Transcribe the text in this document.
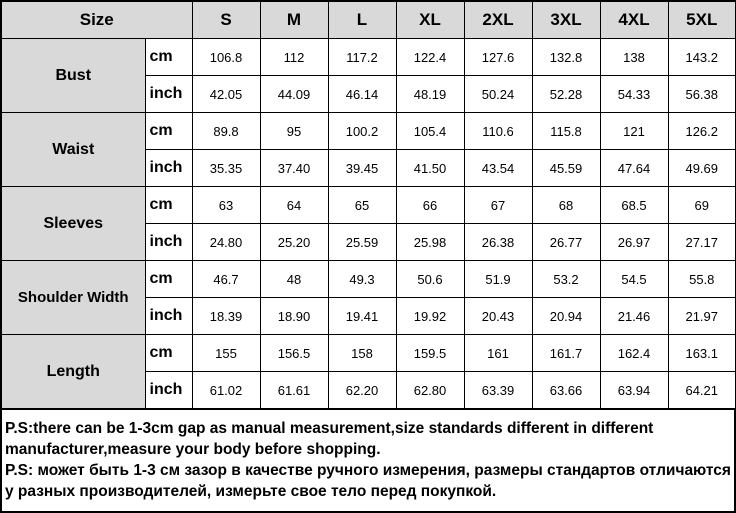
Size		S	M	L	XL	2XL	3XL	4XL	5XL
Bust	cm	106.8	112	117.2	122.4	127.6	132.8	138	143.2
	inch	42.05	44.09	46.14	48.19	50.24	52.28	54.33	56.38
Waist	cm	89.8	95	100.2	105.4	110.6	115.8	121	126.2
	inch	35.35	37.40	39.45	41.50	43.54	45.59	47.64	49.69
Sleeves	cm	63	64	65	66	67	68	68.5	69
	inch	24.80	25.20	25.59	25.98	26.38	26.77	26.97	27.17
Shoulder Width	cm	46.7	48	49.3	50.6	51.9	53.2	54.5	55.8
	inch	18.39	18.90	19.41	19.92	20.43	20.94	21.46	21.97
Length	cm	155	156.5	158	159.5	161	161.7	162.4	163.1
	inch	61.02	61.61	62.20	62.80	63.39	63.66	63.94	64.21

P.S:there can be 1-3cm gap as manual measurement,size standards different in different manufacturer,measure your body before shopping.

P.S: может быть 1-3 см зазор в качестве ручного измерения, размеры стандартов отличаются у разных производителей, измерьте свое тело перед покупкой.
